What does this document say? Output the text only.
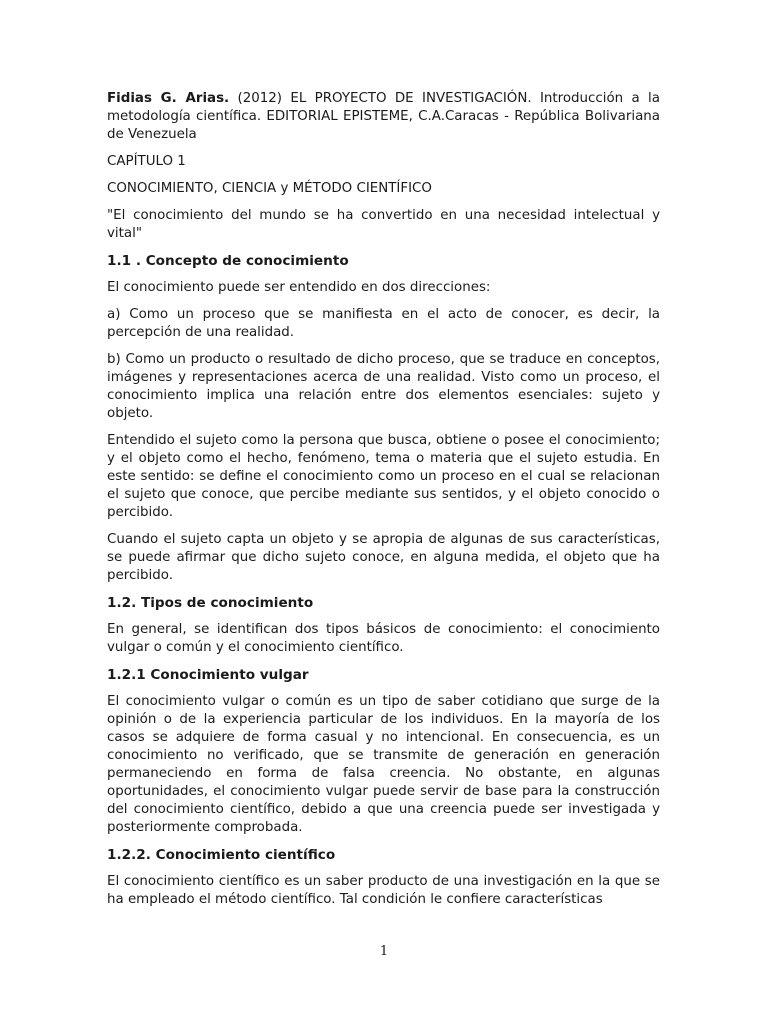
Fidias G. Arias. (2012) EL PROYECTO DE INVESTIGACIÓN. Introducción a la metodología científica. EDITORIAL EPISTEME, C.A.Caracas - República Bolivariana de Venezuela

CAPÍTULO 1

CONOCIMIENTO, CIENCIA y MÉTODO CIENTÍFICO

"El conocimiento del mundo se ha convertido en una necesidad intelectual y vital"

1.1 . Concepto de conocimiento

El conocimiento puede ser entendido en dos direcciones:

a) Como un proceso que se manifiesta en el acto de conocer, es decir, la percepción de una realidad.

b) Como un producto o resultado de dicho proceso, que se traduce en conceptos, imágenes y representaciones acerca de una realidad. Visto como un proceso, el conocimiento implica una relación entre dos elementos esenciales: sujeto y objeto.

Entendido el sujeto como la persona que busca, obtiene o posee el conocimiento; y el objeto como el hecho, fenómeno, tema o materia que el sujeto estudia. En este sentido: se define el conocimiento como un proceso en el cual se relacionan el sujeto que conoce, que percibe mediante sus sentidos, y el objeto conocido o percibido.

Cuando el sujeto capta un objeto y se apropia de algunas de sus características, se puede afirmar que dicho sujeto conoce, en alguna medida, el objeto que ha percibido.

1.2. Tipos de conocimiento

En general, se identifican dos tipos básicos de conocimiento: el conocimiento vulgar o común y el conocimiento científico.

1.2.1 Conocimiento vulgar

El conocimiento vulgar o común es un tipo de saber cotidiano que surge de la opinión o de la experiencia particular de los individuos. En la mayoría de los casos se adquiere de forma casual y no intencional. En consecuencia, es un conocimiento no verificado, que se transmite de generación en generación permaneciendo en forma de falsa creencia. No obstante, en algunas oportunidades, el conocimiento vulgar puede servir de base para la construcción del conocimiento científico, debido a que una creencia puede ser investigada y posteriormente comprobada.

1.2.2. Conocimiento científico

El conocimiento científico es un saber producto de una investigación en la que se ha empleado el método científico. Tal condición le confiere características

1
